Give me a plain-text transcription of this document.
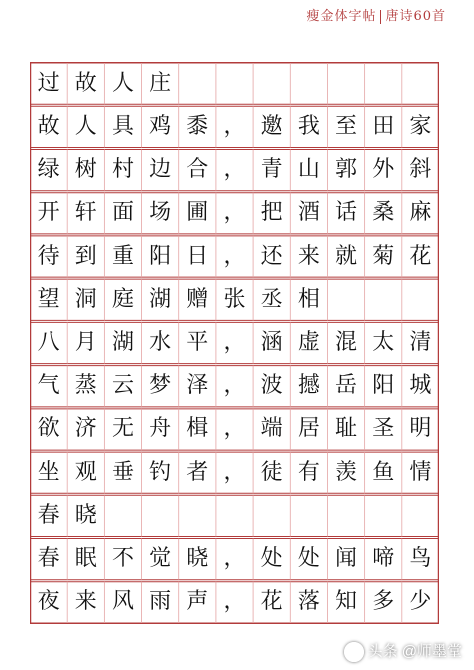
瘦金体字帖 唐诗60首
过 故 人 庄
故 人 具 鸡 黍 ， 邀 我 至 田 家
绿 树 村 边 合 ， 青 山 郭 外 斜
开 轩 面 场 圃 ， 把 酒 话 桑 麻
待 到 重 阳 日 ， 还 来 就 菊 花
望 洞 庭 湖 赠 张 丞 相
八 月 湖 水 平 ， 涵 虚 混 太 清
气 蒸 云 梦 泽 ， 波 撼 岳 阳 城
欲 济 无 舟 楫 ， 端 居 耻 圣 明
坐 观 垂 钓 者 ， 徒 有 羡 鱼 情
春 晓
春 眠 不 觉 晓 ， 处 处 闻 啼 鸟
夜 来 风 雨 声 ， 花 落 知 多 少
头条 @师墨堂
